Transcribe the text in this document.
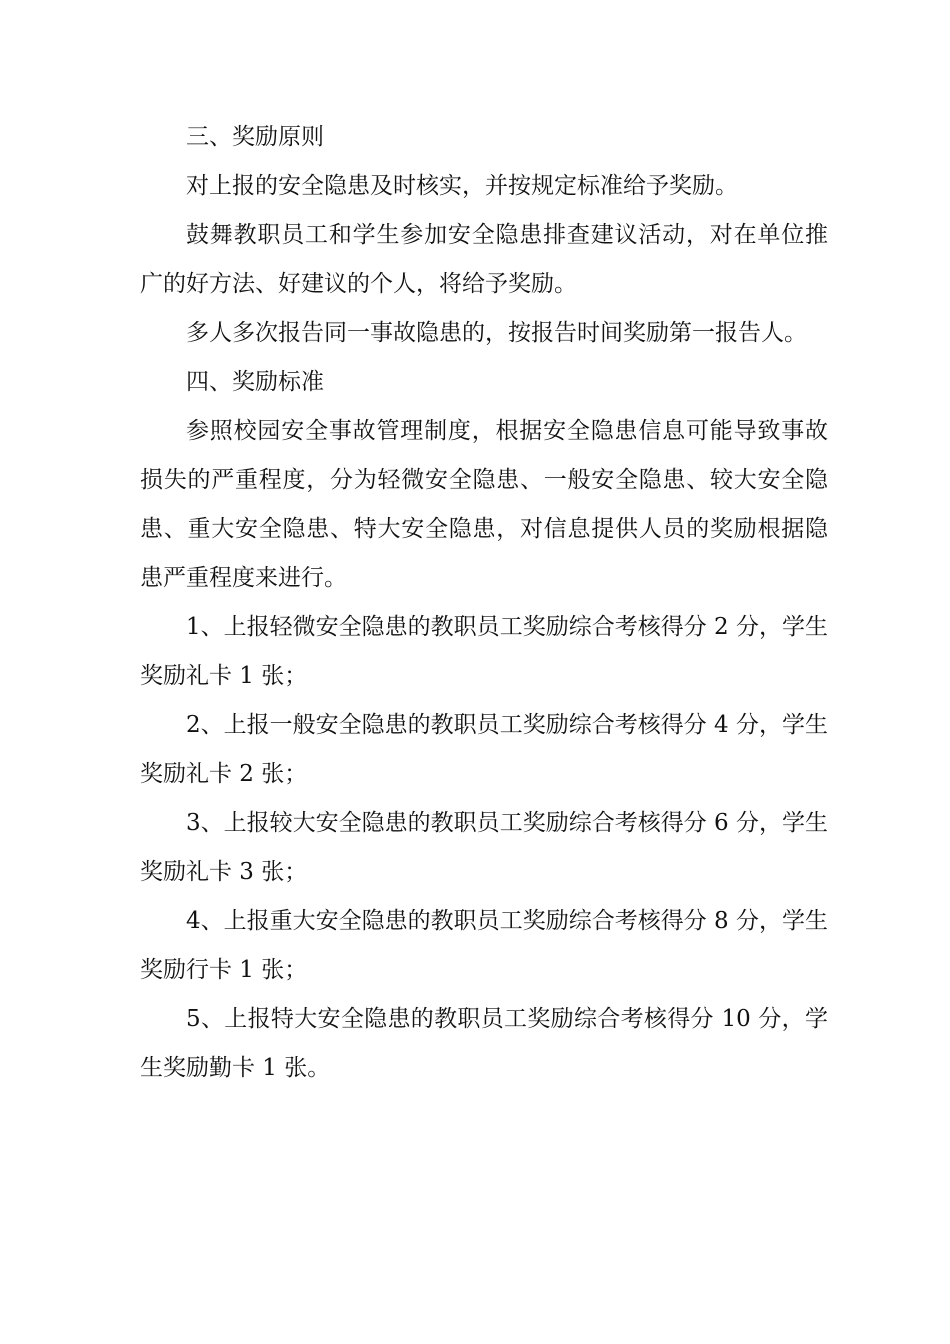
三、奖励原则

对上报的安全隐患及时核实，并按规定标准给予奖励。

鼓舞教职员工和学生参加安全隐患排查建议活动，对在单位推广的好方法、好建议的个人，将给予奖励。

多人多次报告同一事故隐患的，按报告时间奖励第一报告人。

四、奖励标准

参照校园安全事故管理制度，根据安全隐患信息可能导致事故损失的严重程度，分为轻微安全隐患、一般安全隐患、较大安全隐患、重大安全隐患、特大安全隐患，对信息提供人员的奖励根据隐患严重程度来进行。

1、上报轻微安全隐患的教职员工奖励综合考核得分 2 分，学生奖励礼卡 1 张；

2、上报一般安全隐患的教职员工奖励综合考核得分 4 分，学生奖励礼卡 2 张；

3、上报较大安全隐患的教职员工奖励综合考核得分 6 分，学生奖励礼卡 3 张；

4、上报重大安全隐患的教职员工奖励综合考核得分 8 分，学生奖励行卡 1 张；

5、上报特大安全隐患的教职员工奖励综合考核得分 10 分，学生奖励勤卡 1 张。
